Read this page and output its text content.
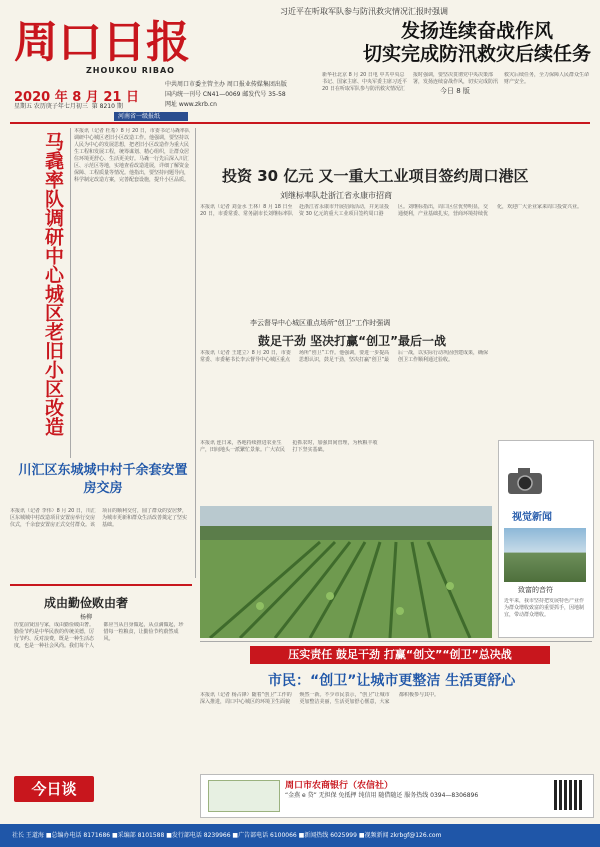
周口日报
ZHOUKOU RIBAO
2020 年 8 月 21 日
星期五 农历庚子年七月初三 第 8210 期
中共周口市委主管主办 周口报业传媒集团出版
国内统一刊号 CN41—0069 邮发代号 35-58
网址 www.zkrb.cn
今日 8 版
河南省一级报纸
习近平在听取军队参与防汛救灾情况汇报时强调
发扬连续奋战作风
切实完成防汛救灾后续任务
新华社北京 8 月 20 日电 中共中央总书记、国家主席、中央军委主席习近平 20 日在听取军队参与防汛救灾情况汇报时强调，要坚决贯彻党中央决策部署，发扬连续奋战作风，切实完成防汛救灾后续任务，全力保障人民群众生命财产安全。
马毳率队调研中心城区老旧小区改造
本报讯（记者 杜希）8 月 20 日，市委书记马毳率队调研中心城区老旧小区改造工作。他强调，要坚持以人民为中心的发展思想，把老旧小区改造作为重大民生工程和发展工程，统筹谋划、精心组织，让群众居住环境更舒心、生活更美好。马毳一行先后深入川汇区、示范区等地，实地查看改造进展，详细了解资金保障、工程质量等情况。他指出，要坚持问题导向，科学制定改造方案，完善配套设施，提升小区品质。
川汇区东城城中村千余套安置房交房
本报讯（记者 李伟）8 月 20 日，川汇区东城城中村改造项目安置房举行交房仪式，千余套安置房正式交付群众。该项目的顺利交付，圆了群众的安居梦，为城市更新和群众生活改善奠定了坚实基础。
投资 30 亿元 又一重大工业项目签约周口港区
刘继标率队赴浙江省永康市招商
本报讯（记者 刘金水 王林）8 月 18 日至 20 日，市委常委、常务副市长刘继标率队赴浙江省永康市开展招商活动，并见证投资 30 亿元的重大工业项目签约周口港区。刘继标指出，周口区位优势明显，交通便利，产业基础扎实，营商环境持续优化，欢迎广大企业家来周口投资兴业。
李云督导中心城区重点场所“创卫”工作时强调
鼓足干劲 坚决打赢“创卫”最后一战
本报讯（记者 王建立）8 月 20 日，市委常委、市委秘书长李云督导中心城区重点场所“创卫”工作。他强调，要进一步提高思想认识，鼓足干劲，坚决打赢“创卫”最后一战，以实际行动巩固创建成果，确保创卫工作顺利通过验收。
本报讯 连日来，各地持续推进农业生产，田间地头一派繁忙景象。广大农民抢抓农时，加强田间管理，为秋粮丰收打下坚实基础。
视觉新闻
致富的音符
近年来，我市坚持把发展特色产业作为群众增收致富的重要抓手，因地制宜，带动群众增收。
压实责任 鼓足干劲 打赢“创文”“创卫”总决战
市民：“创卫”让城市更整洁 生活更舒心
本报讯（记者 杨占锋）随着“创卫”工作的深入推进，周口中心城区的环境卫生面貌焕然一新。不少市民表示，“创卫”让城市更加整洁美丽，生活更加舒心惬意，大家都积极参与其中。
成由勤俭败由奢
杨柳
历览前贤国与家，成由勤俭破由奢。勤俭节约是中华民族的传统美德，厉行节约、反对浪费，既是一种生活态度，也是一种社会风尚。我们每个人都应当从自身做起，从点滴做起，珍惜每一粒粮食，让勤俭节约蔚然成风。
今日谈	周口市农商银行（农信社）
“金燕 e 贷” 无担保 免抵押 纯信用 随借随还 服务热线 0394—8306896
社长 王道海 ■总编办电话 8171686 ■采编部 8101588 ■发行部电话 8239966 ■广告部电话 6100066 ■新闻热线 6025999 ■视频新闻 zkrbgf@126.com
